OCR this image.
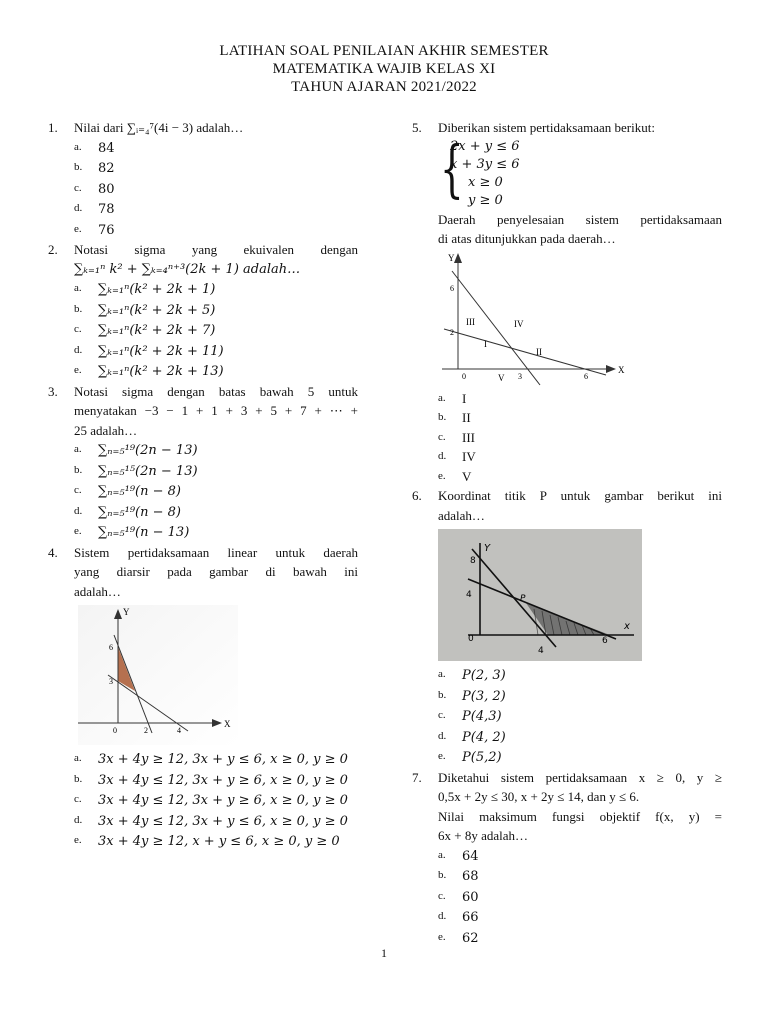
LATIHAN SOAL PENILAIAN AKHIR SEMESTER
MATEMATIKA WAJIB KELAS XI
TAHUN AJARAN 2021/2022
1.	Nilai dari ∑ᵢ₌₄⁷(4i − 3) adalah…
a. 84
b. 82
c. 80
d. 78
e. 76
2.	Notasi sigma yang ekuivalen dengan
∑ₖ₌₁ⁿ k² + ∑ₖ₌₄ⁿ⁺³(2k + 1) adalah…
a. ∑ₖ₌₁ⁿ(k² + 2k + 1)
b. ∑ₖ₌₁ⁿ(k² + 2k + 5)
c. ∑ₖ₌₁ⁿ(k² + 2k + 7)
d. ∑ₖ₌₁ⁿ(k² + 2k + 11)
e. ∑ₖ₌₁ⁿ(k² + 2k + 13)
3.	Notasi sigma dengan batas bawah 5 untuk
menyatakan −3 − 1 + 1 + 3 + 5 + 7 + ⋯ +
25 adalah…
a. ∑ₙ₌₅¹⁹(2n − 13)
b. ∑ₙ₌₅¹⁵(2n − 13)
c. ∑ₙ₌₅¹⁹(n − 8)
d. ∑ₙ₌₅¹⁹(n − 8)
e. ∑ₙ₌₅¹⁹(n − 13)
4.	Sistem pertidaksamaan linear untuk daerah
yang diarsir pada gambar di bawah ini
adalah…
Y
X
6
3
0	2	4
a. 3x + 4y ≥ 12, 3x + y ≤ 6, x ≥ 0, y ≥ 0
b. 3x + 4y ≤ 12, 3x + y ≥ 6, x ≥ 0, y ≥ 0
c. 3x + 4y ≤ 12, 3x + y ≥ 6, x ≥ 0, y ≥ 0
d. 3x + 4y ≤ 12, 3x + y ≤ 6, x ≥ 0, y ≥ 0
e. 3x + 4y ≥ 12, x + y ≤ 6, x ≥ 0, y ≥ 0
5.	Diberikan sistem pertidaksamaan berikut:
{
2x + y ≤ 6
x + 3y ≤ 6
x ≥ 0
y ≥ 0
Daerah penyelesaian sistem pertidaksamaan
di atas ditunjukkan pada daerah…
Y
X
6
2
0	3	6
I
II
III	IV
V
a. I
b. II
c. III
d. IV
e. V
6.	Koordinat titik P untuk gambar berikut ini
adalah…
Y
x
8
4
0
P
4
6
a. P(2, 3)
b. P(3, 2)
c. P(4,3)
d. P(4, 2)
e. P(5,2)
7.	Diketahui sistem pertidaksamaan x ≥ 0, y ≥
0,5x + 2y ≤ 30, x + 2y ≤ 14, dan y ≤ 6.
Nilai maksimum fungsi objektif f(x, y) =
6x + 8y adalah…
a. 64
b. 68
c. 60
d. 66
e. 62
1
